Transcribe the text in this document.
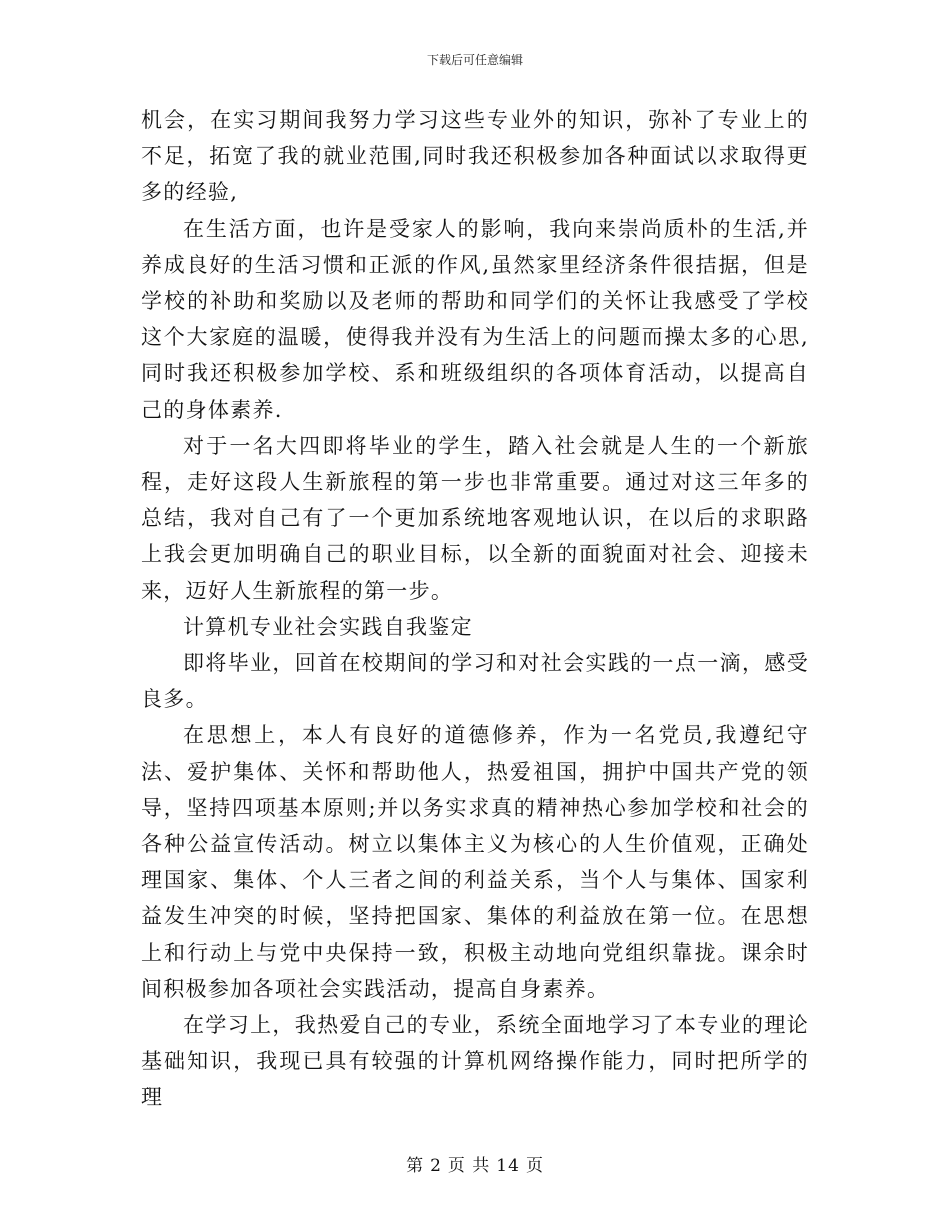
下载后可任意编辑

机会，在实习期间我努力学习这些专业外的知识，弥补了专业上的不足，拓宽了我的就业范围,同时我还积极参加各种面试以求取得更多的经验,

在生活方面，也许是受家人的影响，我向来崇尚质朴的生活,并养成良好的生活习惯和正派的作风,虽然家里经济条件很拮据，但是学校的补助和奖励以及老师的帮助和同学们的关怀让我感受了学校这个大家庭的温暖，使得我并没有为生活上的问题而操太多的心思,同时我还积极参加学校、系和班级组织的各项体育活动，以提高自己的身体素养.

对于一名大四即将毕业的学生，踏入社会就是人生的一个新旅程，走好这段人生新旅程的第一步也非常重要。通过对这三年多的总结，我对自己有了一个更加系统地客观地认识，在以后的求职路上我会更加明确自己的职业目标，以全新的面貌面对社会、迎接未来，迈好人生新旅程的第一步。

计算机专业社会实践自我鉴定

即将毕业，回首在校期间的学习和对社会实践的一点一滴，感受良多。

在思想上，本人有良好的道德修养，作为一名党员,我遵纪守法、爱护集体、关怀和帮助他人，热爱祖国，拥护中国共产党的领导，坚持四项基本原则;并以务实求真的精神热心参加学校和社会的各种公益宣传活动。树立以集体主义为核心的人生价值观，正确处理国家、集体、个人三者之间的利益关系，当个人与集体、国家利益发生冲突的时候，坚持把国家、集体的利益放在第一位。在思想上和行动上与党中央保持一致，积极主动地向党组织靠拢。课余时间积极参加各项社会实践活动，提高自身素养。

在学习上，我热爱自己的专业，系统全面地学习了本专业的理论基础知识，我现已具有较强的计算机网络操作能力，同时把所学的理

第 2 页 共 14 页
